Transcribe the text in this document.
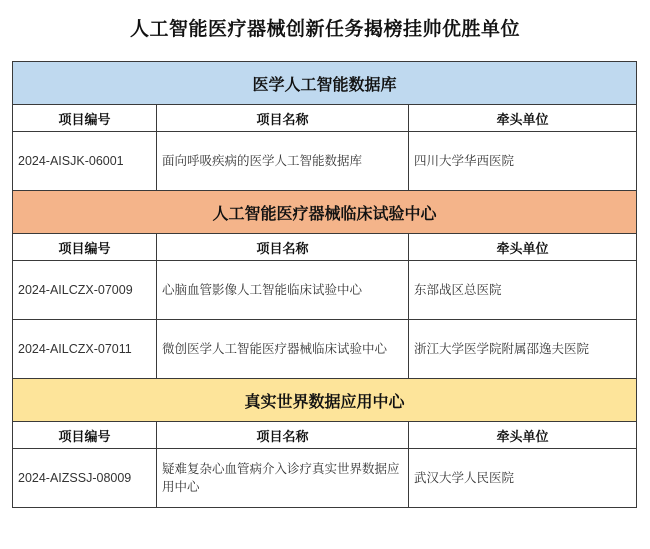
人工智能医疗器械创新任务揭榜挂帅优胜单位
医学人工智能数据库		
项目编号	项目名称	牵头单位
2024-AISJK-06001	面向呼吸疾病的医学人工智能数据库	四川大学华西医院
人工智能医疗器械临床试验中心		
项目编号	项目名称	牵头单位
2024-AILCZX-07009	心脑血管影像人工智能临床试验中心	东部战区总医院
2024-AILCZX-07011	微创医学人工智能医疗器械临床试验中心	浙江大学医学院附属邵逸夫医院
真实世界数据应用中心		
项目编号	项目名称	牵头单位
2024-AIZSSJ-08009	疑难复杂心血管病介入诊疗真实世界数据应用中心	武汉大学人民医院
